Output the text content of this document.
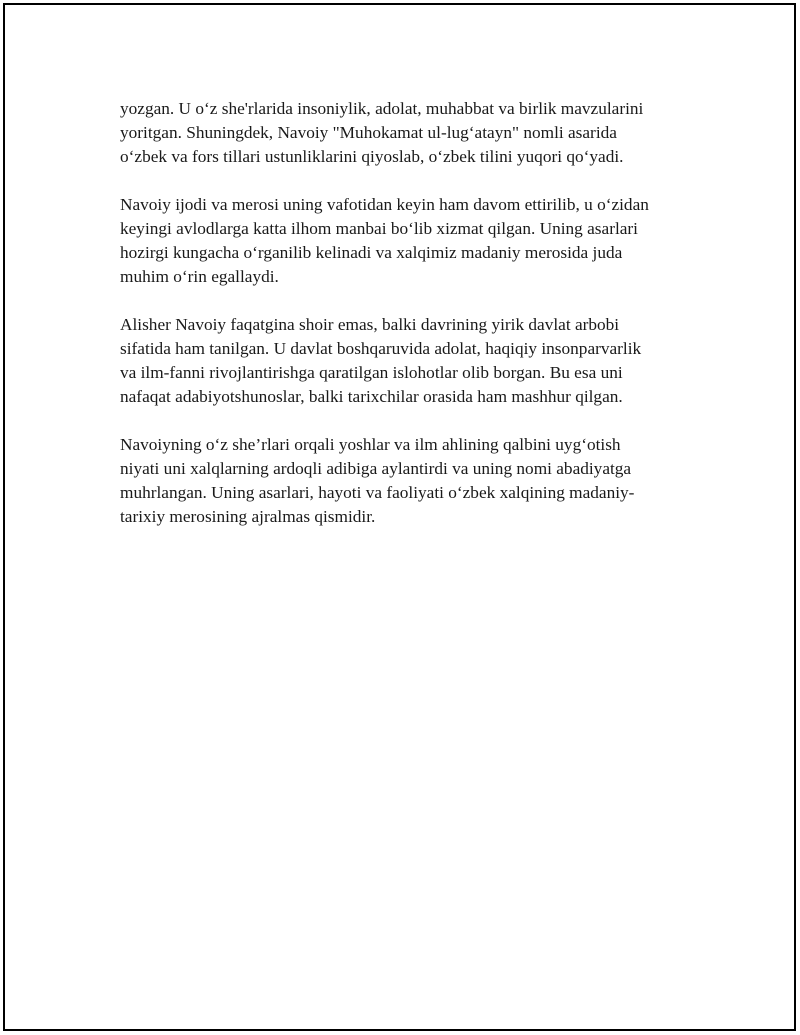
yozgan. U o‘z she'rlarida insoniylik, adolat, muhabbat va birlik mavzularini
yoritgan. Shuningdek, Navoiy "Muhokamat ul-lug‘atayn" nomli asarida
o‘zbek va fors tillari ustunliklarini qiyoslab, o‘zbek tilini yuqori qo‘yadi.

Navoiy ijodi va merosi uning vafotidan keyin ham davom ettirilib, u o‘zidan
keyingi avlodlarga katta ilhom manbai bo‘lib xizmat qilgan. Uning asarlari
hozirgi kungacha o‘rganilib kelinadi va xalqimiz madaniy merosida juda
muhim o‘rin egallaydi.

Alisher Navoiy faqatgina shoir emas, balki davrining yirik davlat arbobi
sifatida ham tanilgan. U davlat boshqaruvida adolat, haqiqiy insonparvarlik
va ilm-fanni rivojlantirishga qaratilgan islohotlar olib borgan. Bu esa uni
nafaqat adabiyotshunoslar, balki tarixchilar orasida ham mashhur qilgan.

Navoiyning o‘z she’rlari orqali yoshlar va ilm ahlining qalbini uyg‘otish
niyati uni xalqlarning ardoqli adibiga aylantirdi va uning nomi abadiyatga
muhrlangan. Uning asarlari, hayoti va faoliyati o‘zbek xalqining madaniy-
tarixiy merosining ajralmas qismidir.
